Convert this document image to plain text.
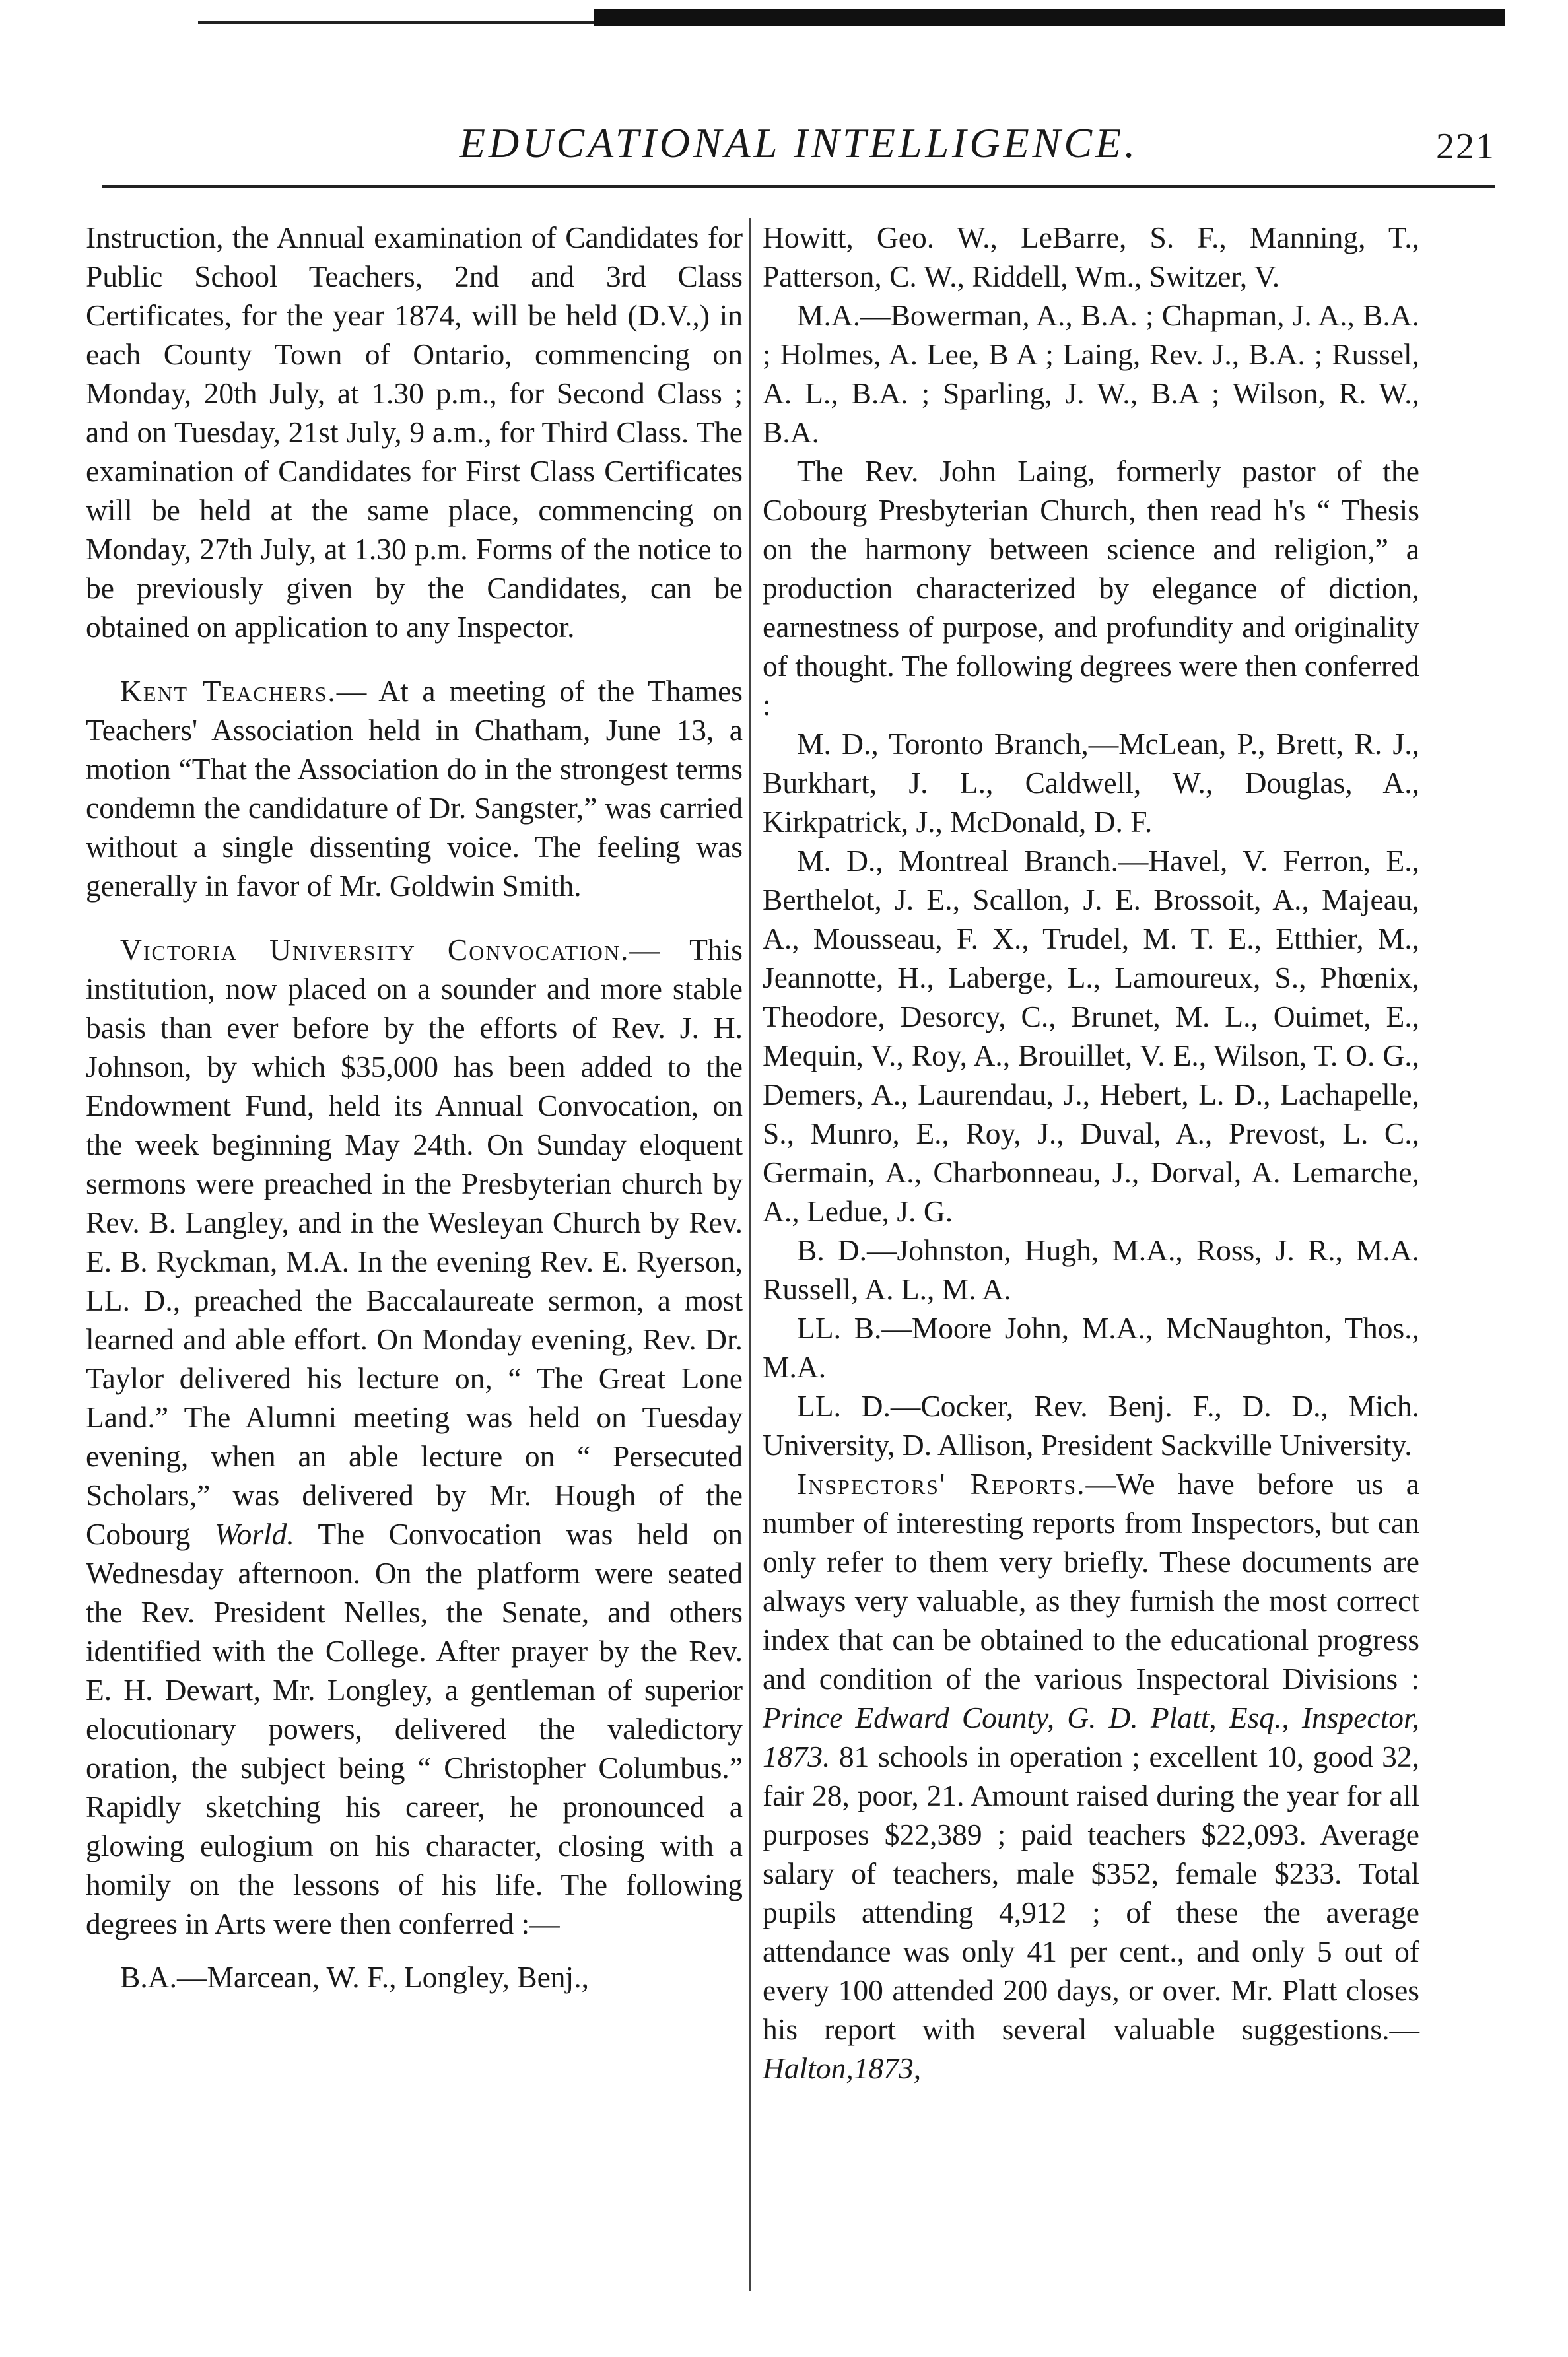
EDUCATIONAL INTELLIGENCE.	221

Instruction, the Annual examination of Candidates for Public School Teachers, 2nd and 3rd Class Certificates, for the year 1874, will be held (D.V.,) in each County Town of Ontario, commencing on Monday, 20th July, at 1.30 p.m., for Second Class ; and on Tuesday, 21st July, 9 a.m., for Third Class. The examination of Candidates for First Class Certificates will be held at the same place, commencing on Monday, 27th July, at 1.30 p.m. Forms of the notice to be previously given by the Candidates, can be obtained on application to any Inspector.

Kent Teachers.— At a meeting of the Thames Teachers' Association held in Chatham, June 13, a motion “That the Association do in the strongest terms condemn the candidature of Dr. Sangster,” was carried without a single dissenting voice. The feeling was generally in favor of Mr. Goldwin Smith.

Victoria University Convocation.— This institution, now placed on a sounder and more stable basis than ever before by the efforts of Rev. J. H. Johnson, by which $35,000 has been added to the Endowment Fund, held its Annual Convocation, on the week beginning May 24th. On Sunday eloquent sermons were preached in the Presbyterian church by Rev. B. Langley, and in the Wesleyan Church by Rev. E. B. Ryckman, M.A. In the evening Rev. E. Ryerson, LL. D., preached the Baccalaureate sermon, a most learned and able effort. On Monday evening, Rev. Dr. Taylor delivered his lecture on, “ The Great Lone Land.” The Alumni meeting was held on Tuesday evening, when an able lecture on “ Persecuted Scholars,” was delivered by Mr. Hough of the Cobourg World. The Convocation was held on Wednesday afternoon. On the platform were seated the Rev. President Nelles, the Senate, and others identified with the College. After prayer by the Rev. E. H. Dewart, Mr. Longley, a gentleman of superior elocutionary powers, delivered the valedictory oration, the subject being “ Christopher Columbus.” Rapidly sketching his career, he pronounced a glowing eulogium on his character, closing with a homily on the lessons of his life. The following degrees in Arts were then conferred :—

B.A.—Marcean, W. F., Longley, Benj.,

Howitt, Geo. W., LeBarre, S. F., Manning, T., Patterson, C. W., Riddell, Wm., Switzer, V.

M.A.—Bowerman, A., B.A. ; Chapman, J. A., B.A. ; Holmes, A. Lee, B A ; Laing, Rev. J., B.A. ; Russel, A. L., B.A. ; Sparling, J. W., B.A ; Wilson, R. W., B.A.

The Rev. John Laing, formerly pastor of the Cobourg Presbyterian Church, then read h's “ Thesis on the harmony between science and religion,” a production characterized by elegance of diction, earnestness of purpose, and profundity and originality of thought. The following degrees were then conferred :

M. D., Toronto Branch,—McLean, P., Brett, R. J., Burkhart, J. L., Caldwell, W., Douglas, A., Kirkpatrick, J., McDonald, D. F.

M. D., Montreal Branch.—Havel, V. Ferron, E., Berthelot, J. E., Scallon, J. E. Brossoit, A., Majeau, A., Mousseau, F. X., Trudel, M. T. E., Etthier, M., Jeannotte, H., Laberge, L., Lamoureux, S., Phœnix, Theodore, Desorcy, C., Brunet, M. L., Ouimet, E., Mequin, V., Roy, A., Brouillet, V. E., Wilson, T. O. G., Demers, A., Laurendau, J., Hebert, L. D., Lachapelle, S., Munro, E., Roy, J., Duval, A., Prevost, L. C., Germain, A., Charbonneau, J., Dorval, A. Lemarche, A., Ledue, J. G.

B. D.—Johnston, Hugh, M.A., Ross, J. R., M.A. Russell, A. L., M. A.

LL. B.—Moore John, M.A., McNaughton, Thos., M.A.

LL. D.—Cocker, Rev. Benj. F., D. D., Mich. University, D. Allison, President Sackville University.

Inspectors' Reports.—We have before us a number of interesting reports from Inspectors, but can only refer to them very briefly. These documents are always very valuable, as they furnish the most correct index that can be obtained to the educational progress and condition of the various Inspectoral Divisions : Prince Edward County, G. D. Platt, Esq., Inspector, 1873. 81 schools in operation ; excellent 10, good 32, fair 28, poor, 21. Amount raised during the year for all purposes $22,389 ; paid teachers $22,093. Average salary of teachers, male $352, female $233. Total pupils attending 4,912 ; of these the average attendance was only 41 per cent., and only 5 out of every 100 attended 200 days, or over. Mr. Platt closes his report with several valuable suggestions.—Halton,1873,
